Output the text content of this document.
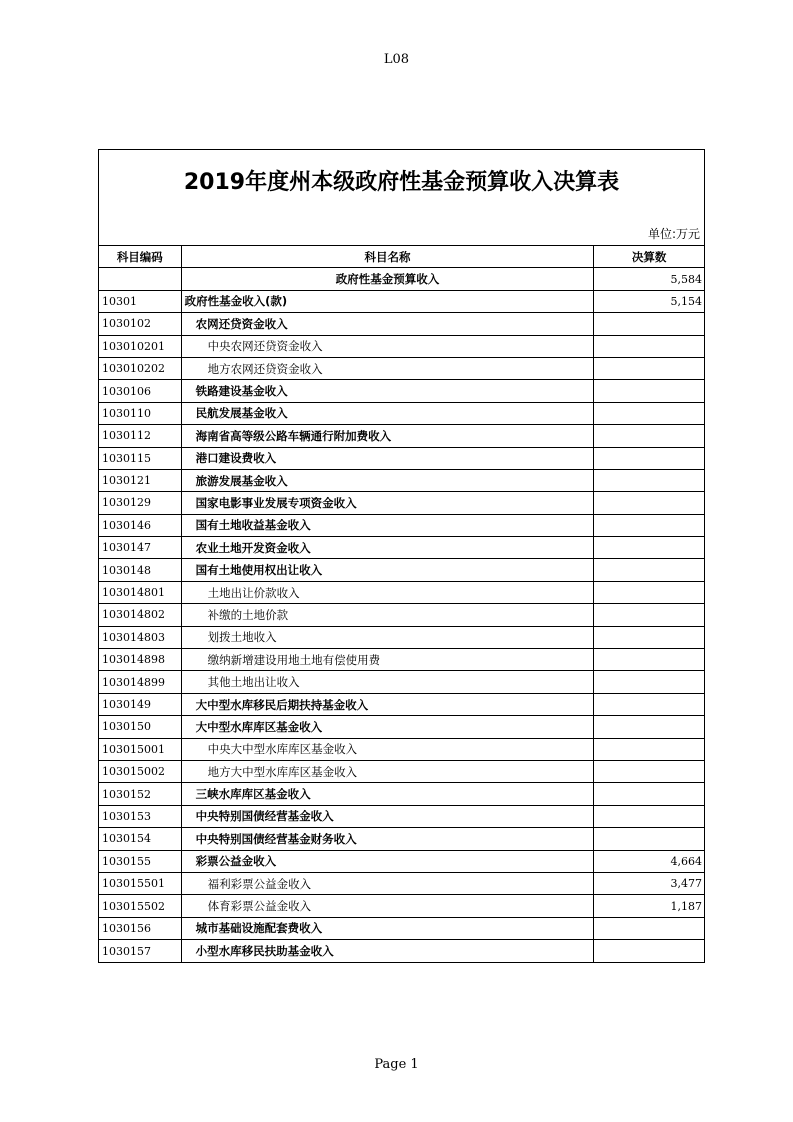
L08
2019年度州本级政府性基金预算收入决算表
单位:万元
科目编码	科目名称	决算数
	政府性基金预算收入	5,584
10301	政府性基金收入(款)	5,154
1030102	农网还贷资金收入	
103010201	中央农网还贷资金收入	
103010202	地方农网还贷资金收入	
1030106	铁路建设基金收入	
1030110	民航发展基金收入	
1030112	海南省高等级公路车辆通行附加费收入	
1030115	港口建设费收入	
1030121	旅游发展基金收入	
1030129	国家电影事业发展专项资金收入	
1030146	国有土地收益基金收入	
1030147	农业土地开发资金收入	
1030148	国有土地使用权出让收入	
103014801	土地出让价款收入	
103014802	补缴的土地价款	
103014803	划拨土地收入	
103014898	缴纳新增建设用地土地有偿使用费	
103014899	其他土地出让收入	
1030149	大中型水库移民后期扶持基金收入	
1030150	大中型水库库区基金收入	
103015001	中央大中型水库库区基金收入	
103015002	地方大中型水库库区基金收入	
1030152	三峡水库库区基金收入	
1030153	中央特别国债经营基金收入	
1030154	中央特别国债经营基金财务收入	
1030155	彩票公益金收入	4,664
103015501	福利彩票公益金收入	3,477
103015502	体育彩票公益金收入	1,187
1030156	城市基础设施配套费收入	
1030157	小型水库移民扶助基金收入	
Page 1
